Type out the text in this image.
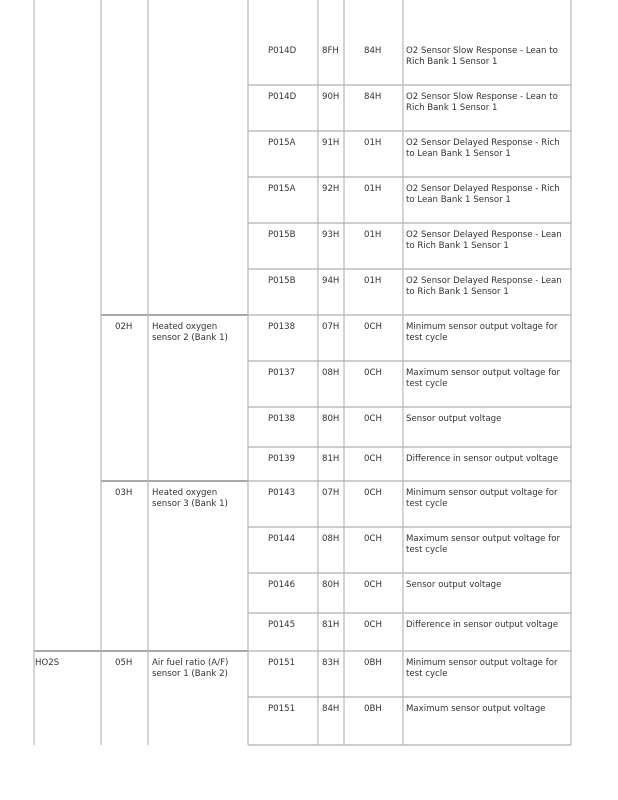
P014D	8FH	84H	O2 Sensor Slow Response - Lean to Rich Bank 1 Sensor 1
P014D	90H	84H	O2 Sensor Slow Response - Lean to Rich Bank 1 Sensor 1
P015A	91H	01H	O2 Sensor Delayed Response - Rich to Lean Bank 1 Sensor 1
P015A	92H	01H	O2 Sensor Delayed Response - Rich to Lean Bank 1 Sensor 1
P015B	93H	01H	O2 Sensor Delayed Response - Lean to Rich Bank 1 Sensor 1
P015B	94H	01H	O2 Sensor Delayed Response - Lean to Rich Bank 1 Sensor 1
02H	Heated oxygen sensor 2 (Bank 1)
P0138	07H	0CH	Minimum sensor output voltage for test cycle
P0137	08H	0CH	Maximum sensor output voltage for test cycle
P0138	80H	0CH	Sensor output voltage
P0139	81H	0CH	Difference in sensor output voltage
03H	Heated oxygen sensor 3 (Bank 1)
P0143	07H	0CH	Minimum sensor output voltage for test cycle
P0144	08H	0CH	Maximum sensor output voltage for test cycle
P0146	80H	0CH	Sensor output voltage
P0145	81H	0CH	Difference in sensor output voltage
HO2S	05H	Air fuel ratio (A/F) sensor 1 (Bank 2)
P0151	83H	0BH	Minimum sensor output voltage for test cycle
P0151	84H	0BH	Maximum sensor output voltage
